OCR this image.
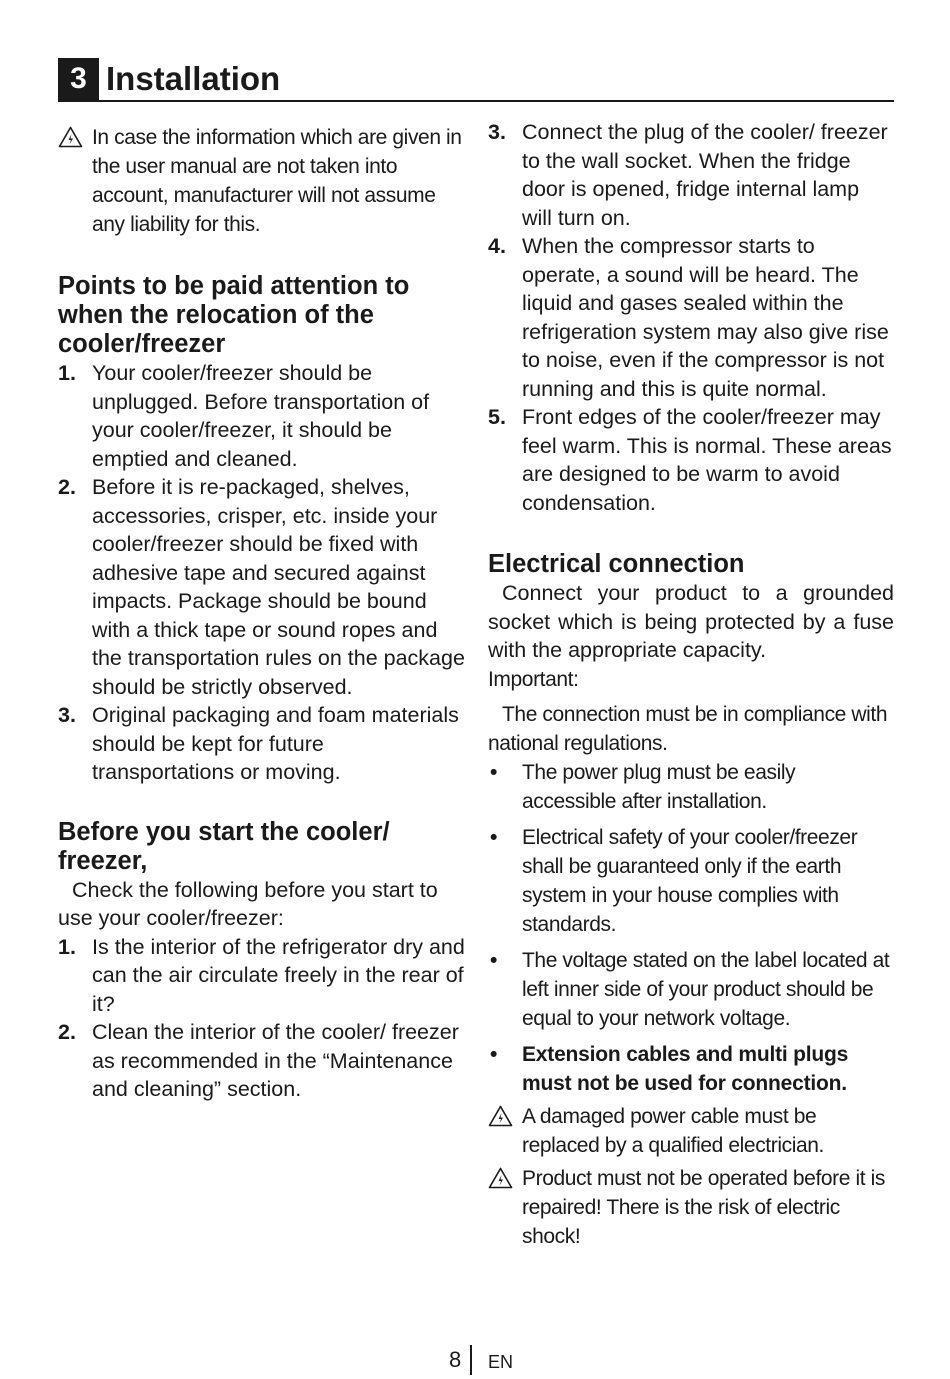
3 Installation
In case the information which are given in the user manual are not taken into account, manufacturer will not assume any liability for this.
Points to be paid attention to when the relocation of the cooler/freezer
1. Your cooler/freezer should be unplugged. Before transportation of your cooler/freezer, it should be emptied and cleaned.
2. Before it is re-packaged, shelves, accessories, crisper, etc. inside your cooler/freezer should be fixed with adhesive tape and secured against impacts. Package should be bound with a thick tape or sound ropes and the transportation rules on the package should be strictly observed.
3. Original packaging and foam materials should be kept for future transportations or moving.
Before you start the cooler/ freezer,

Check the following before you start to use your cooler/freezer:

1. Is the interior of the refrigerator dry and can the air circulate freely in the rear of it?
2. Clean the interior of the cooler/ freezer as recommended in the “Maintenance and cleaning” section.
3. Connect the plug of the cooler/ freezer to the wall socket. When the fridge door is opened, fridge internal lamp will turn on.
4. When the compressor starts to operate, a sound will be heard. The liquid and gases sealed within the refrigeration system may also give rise to noise, even if the compressor is not running and this is quite normal.
5. Front edges of the cooler/freezer may feel warm. This is normal. These areas are designed to be warm to avoid condensation.
Electrical connection

Connect your product to a grounded socket which is being protected by a fuse with the appropriate capacity.

Important:

The connection must be in compliance with national regulations.

• The power plug must be easily accessible after installation.
• Electrical safety of your cooler/freezer shall be guaranteed only if the earth system in your house complies with standards.
• The voltage stated on the label located at left inner side of your product should be equal to your network voltage.
• Extension cables and multi plugs must not be used for connection.
A damaged power cable must be replaced by a qualified electrician.
Product must not be operated before it is repaired! There is the risk of electric shock!
8 EN
